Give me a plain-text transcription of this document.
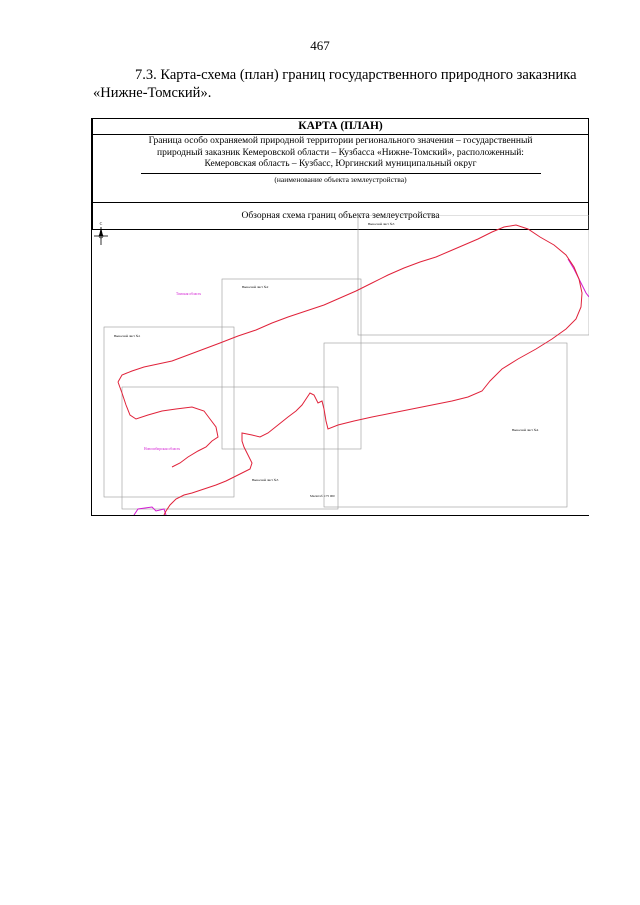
467
7.3. Карта-схема (план) границ государственного природного заказника
«Нижне-Томский».
КАРТА (ПЛАН)
Граница особо охраняемой природной территории регионального значения – государственный
природный заказник Кемеровской области – Кузбасса «Нижне-Томский», расположенный:
Кемеровская область – Кузбасс, Юргинский муниципальный округ
(наименование объекта землеустройства)
Обзорная схема границ объекта землеустройства
С
Томская область
Новосибирская область
Выносной лист №3
Выносной лист №2
Выносной лист №1
Выносной лист №4
Выносной лист №5
Масштаб 1:75 000
